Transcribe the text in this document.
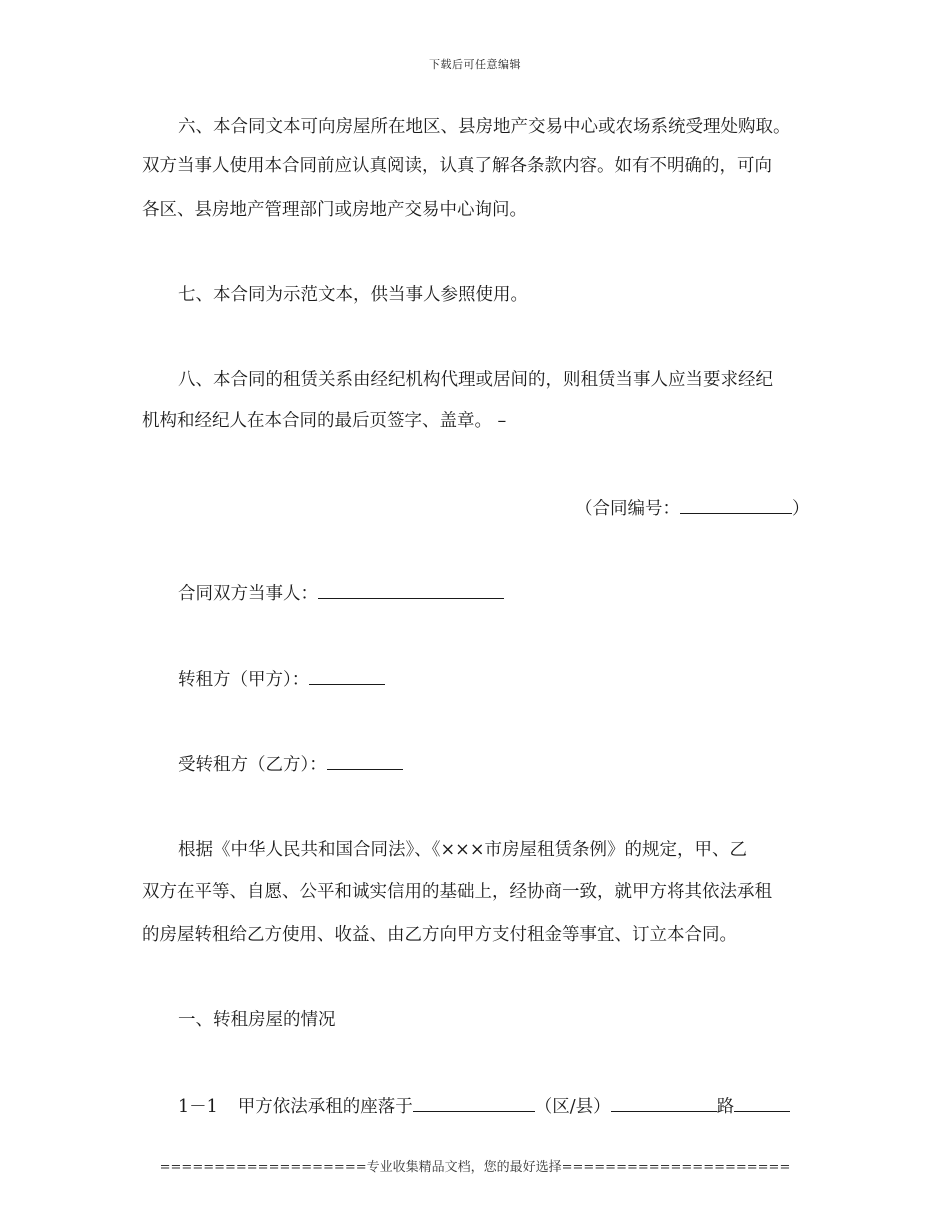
下载后可任意编辑
六、本合同文本可向房屋所在地区、县房地产交易中心或农场系统受理处购取。
双方当事人使用本合同前应认真阅读，认真了解各条款内容。如有不明确的，可向
各区、县房地产管理部门或房地产交易中心询问。
七、本合同为示范文本，供当事人参照使用。
八、本合同的租赁关系由经纪机构代理或居间的，则租赁当事人应当要求经纪
机构和经纪人在本合同的最后页签字、盖章。 –
（合同编号：	）
合同双方当事人：
转租方（甲方）：
受转租方（乙方）：
根据《中华人民共和国合同法》、《×××市房屋租赁条例》的规定，甲、乙
双方在平等、自愿、公平和诚实信用的基础上，经协商一致，就甲方将其依法承租
的房屋转租给乙方使用、收益、由乙方向甲方支付租金等事宜、订立本合同。
一、转租房屋的情况
1－1 甲方依法承租的座落于	（区/县）	路
===================专业收集精品文档，您的最好选择=====================
